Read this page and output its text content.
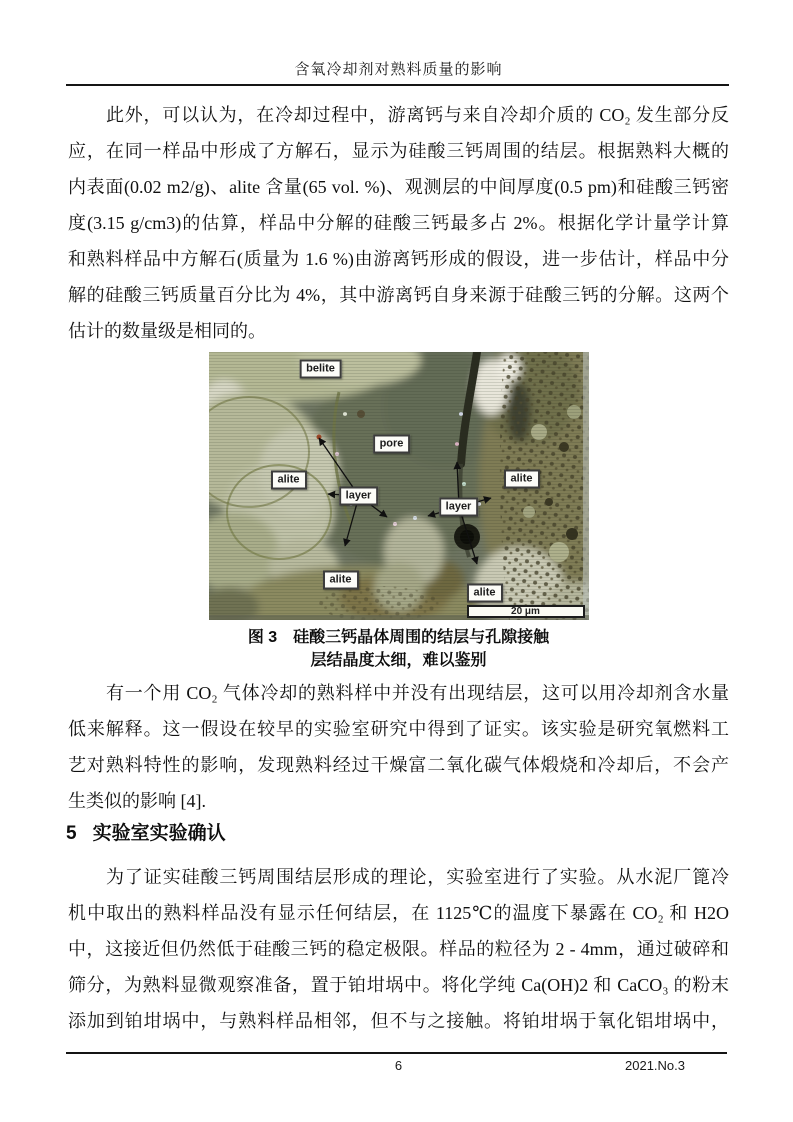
含氧冷却剂对熟料质量的影响
此外，可以认为，在冷却过程中，游离钙与来自冷却介质的 CO₂ 发生部分反
应，在同一样品中形成了方解石，显示为硅酸三钙周围的结层。根据熟料大概的
内表面(0.02 m2/g)、alite 含量(65 vol. %)、观测层的中间厚度(0.5 pm)和硅酸三钙密
度(3.15 g/cm3)的估算，样品中分解的硅酸三钙最多占 2%。根据化学计量学计算
和熟料样品中方解石(质量为 1.6 %)由游离钙形成的假设，进一步估计，样品中分
解的硅酸三钙质量百分比为 4%，其中游离钙自身来源于硅酸三钙的分解。这两个
估计的数量级是相同的。
belite
pore
alite
layer
layer
alite
alite
alite
20 μm
图 3　硅酸三钙晶体周围的结层与孔隙接触
层结晶度太细，难以鉴别
有一个用 CO₂ 气体冷却的熟料样中并没有出现结层，这可以用冷却剂含水量
低来解释。这一假设在较早的实验室研究中得到了证实。该实验是研究氧燃料工
艺对熟料特性的影响，发现熟料经过干燥富二氧化碳气体煅烧和冷却后，不会产
生类似的影响 [4].
5 实验室实验确认
为了证实硅酸三钙周围结层形成的理论，实验室进行了实验。从水泥厂篦冷
机中取出的熟料样品没有显示任何结层，在 1125℃的温度下暴露在 CO₂ 和 H2O
中，这接近但仍然低于硅酸三钙的稳定极限。样品的粒径为 2 - 4mm，通过破碎和
筛分，为熟料显微观察准备，置于铂坩埚中。将化学纯 Ca(OH)2 和 CaCO₃ 的粉末
添加到铂坩埚中，与熟料样品相邻，但不与之接触。将铂坩埚于氧化铝坩埚中，
6	2021.No.3
